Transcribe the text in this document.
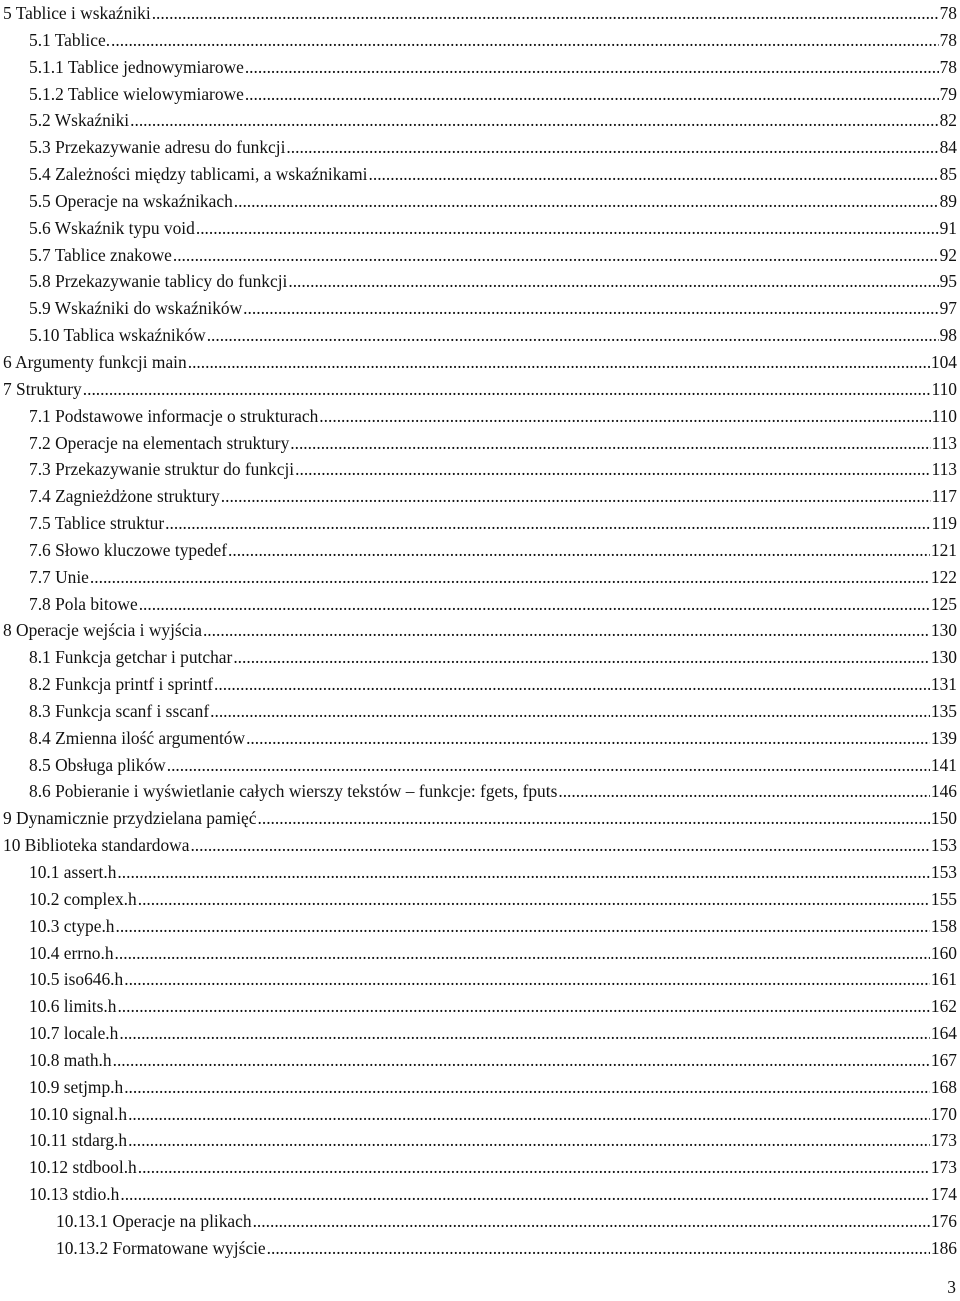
5 Tablice i wskaźniki .....	78
5.1 Tablice. .....	78
5.1.1 Tablice jednowymiarowe .....	78
5.1.2 Tablice wielowymiarowe .....	79
5.2 Wskaźniki .....	82
5.3 Przekazywanie adresu do funkcji .....	84
5.4 Zależności między tablicami, a wskaźnikami .....	85
5.5 Operacje na wskaźnikach .....	89
5.6 Wskaźnik typu void .....	91
5.7 Tablice znakowe .....	92
5.8 Przekazywanie tablicy do funkcji .....	95
5.9 Wskaźniki do wskaźników .....	97
5.10 Tablica wskaźników .....	98
6 Argumenty funkcji main .....	104
7 Struktury .....	110
7.1 Podstawowe informacje o strukturach .....	110
7.2 Operacje na elementach struktury .....	113
7.3 Przekazywanie struktur do funkcji .....	113
7.4 Zagnieżdżone struktury .....	117
7.5 Tablice struktur .....	119
7.6 Słowo kluczowe typedef .....	121
7.7 Unie .....	122
7.8 Pola bitowe .....	125
8 Operacje wejścia i wyjścia .....	130
8.1 Funkcja getchar i putchar .....	130
8.2 Funkcja printf i sprintf .....	131
8.3 Funkcja scanf i sscanf .....	135
8.4 Zmienna ilość argumentów .....	139
8.5 Obsługa plików .....	141
8.6 Pobieranie i wyświetlanie całych wierszy tekstów – funkcje: fgets, fputs .....	146
9 Dynamicznie przydzielana pamięć .....	150
10 Biblioteka standardowa .....	153
10.1 assert.h .....	153
10.2 complex.h .....	155
10.3 ctype.h .....	158
10.4 errno.h .....	160
10.5 iso646.h .....	161
10.6 limits.h .....	162
10.7 locale.h .....	164
10.8 math.h .....	167
10.9 setjmp.h .....	168
10.10 signal.h .....	170
10.11 stdarg.h .....	173
10.12 stdbool.h .....	173
10.13 stdio.h .....	174
10.13.1 Operacje na plikach .....	176
10.13.2 Formatowane wyjście .....	186
3
